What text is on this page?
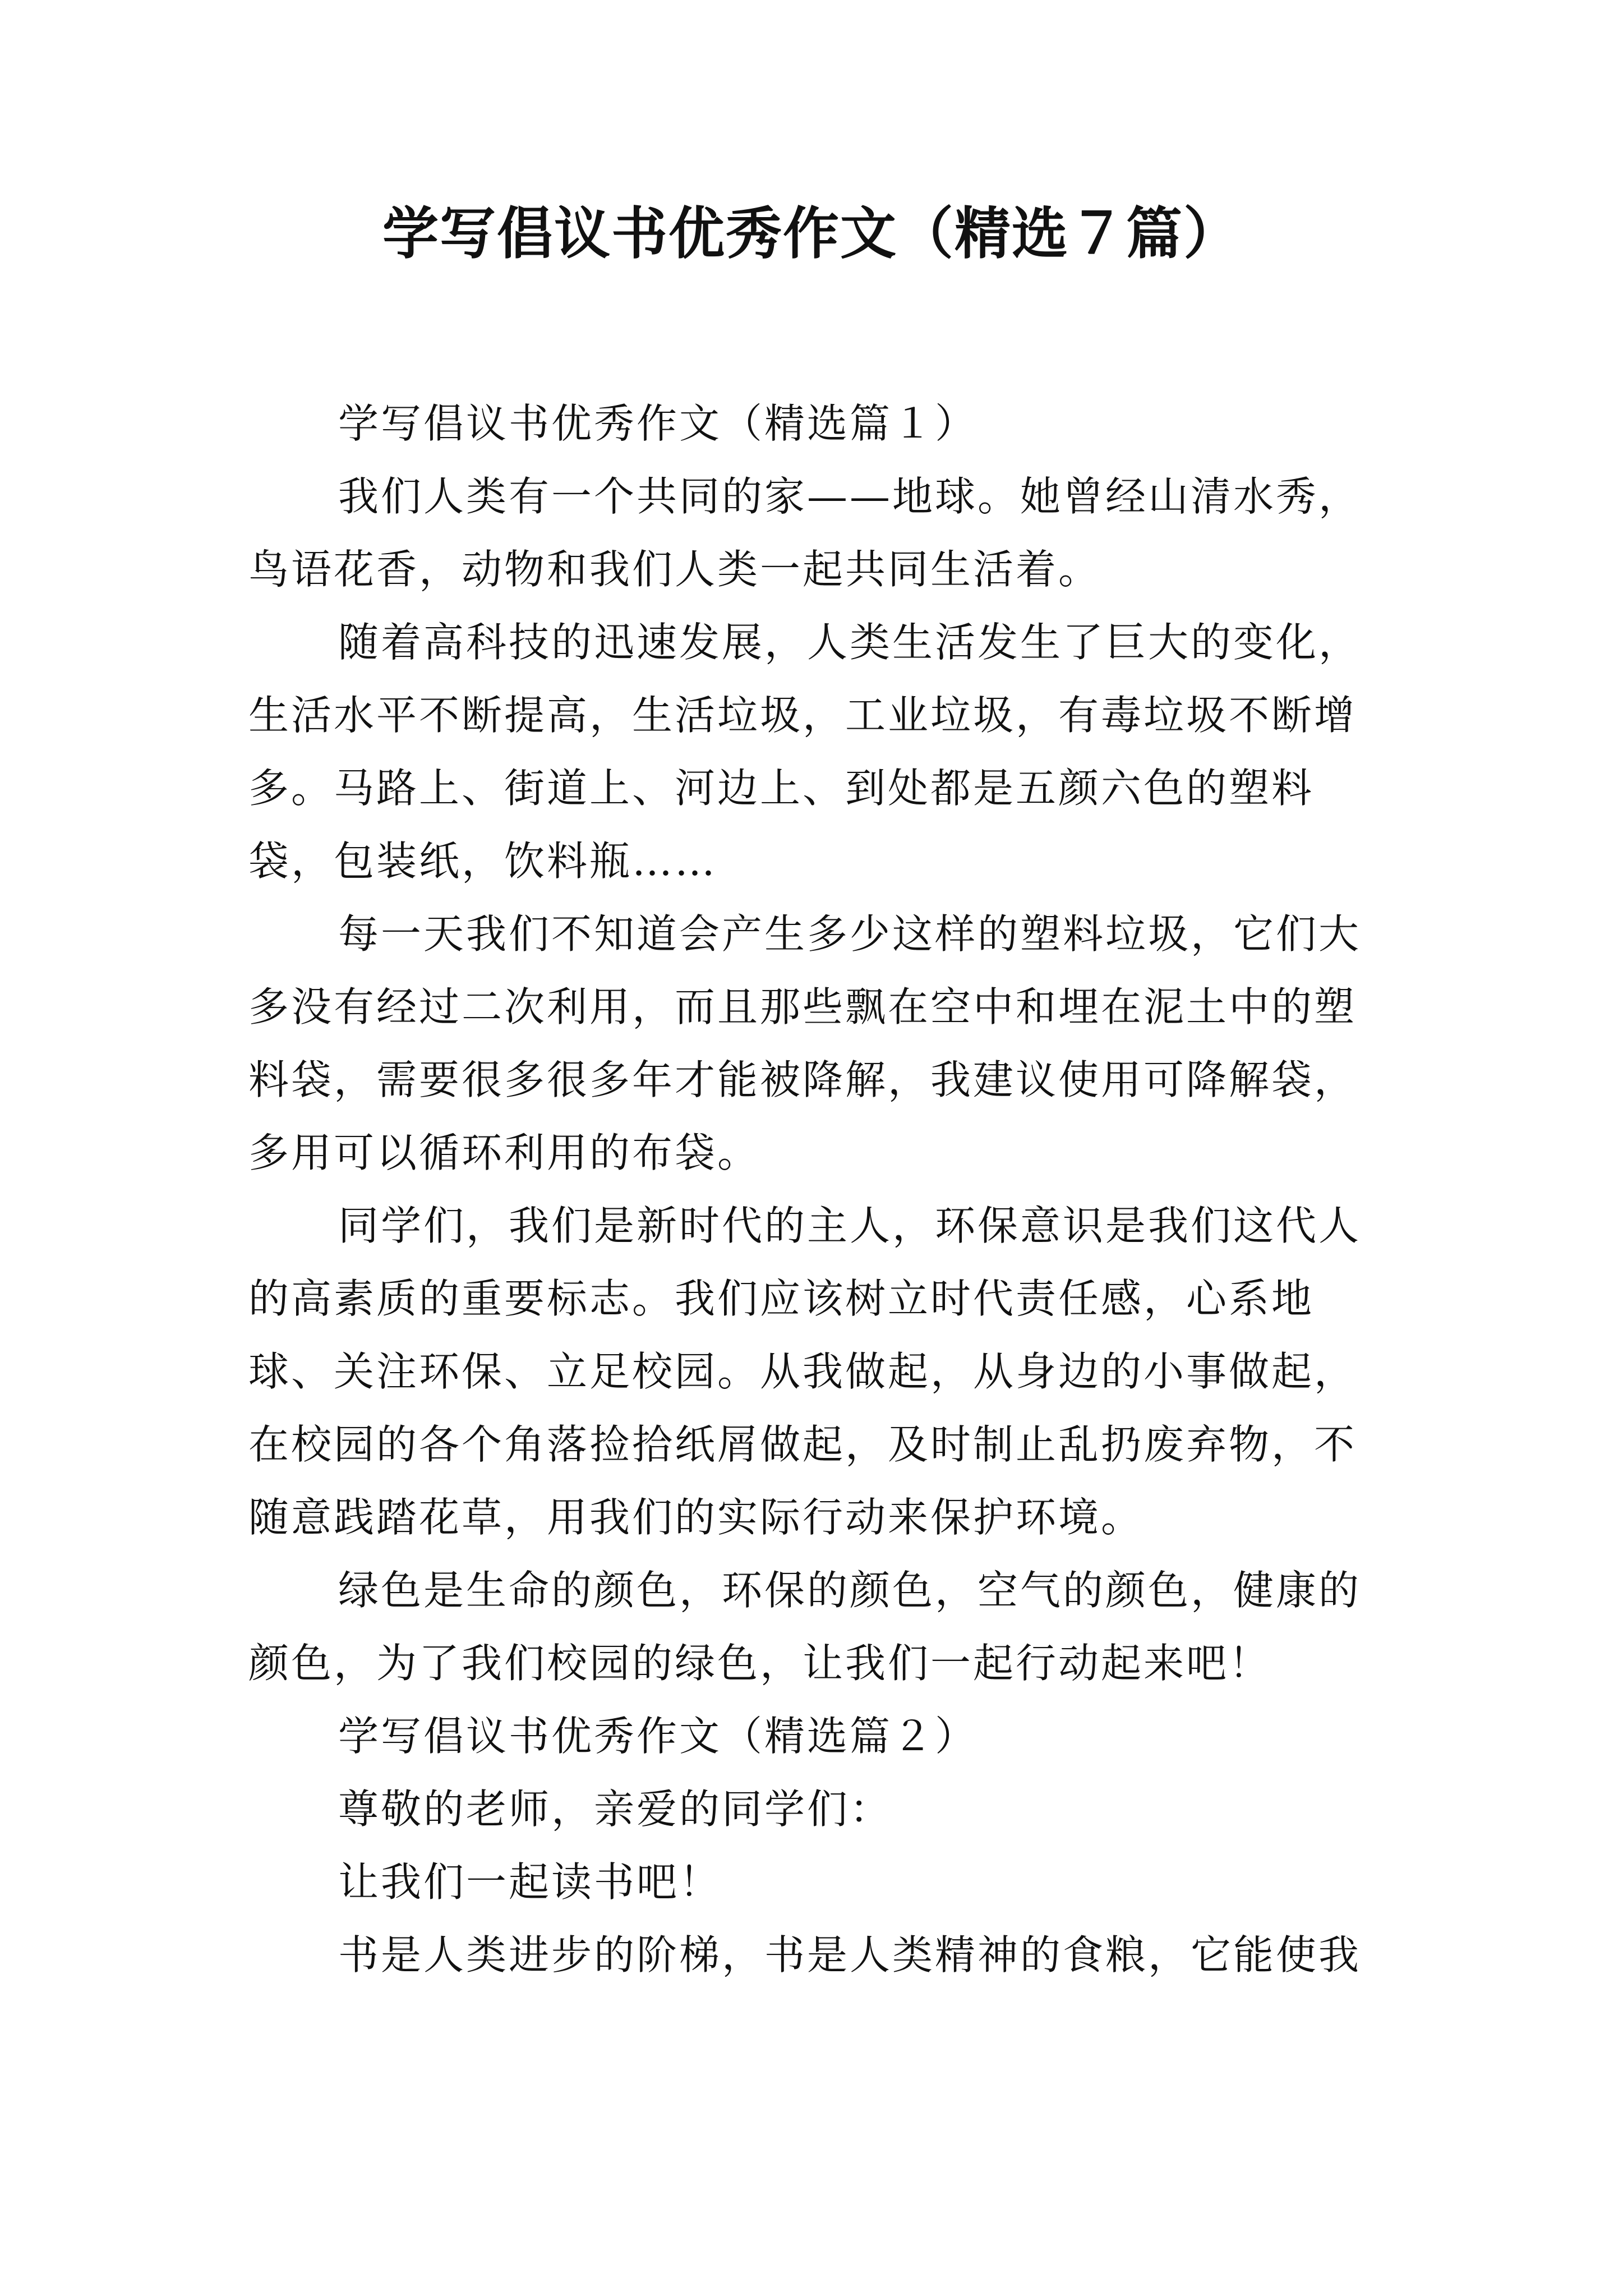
学写倡议书优秀作文（精选７篇）

学写倡议书优秀作文（精选篇１）

我们人类有一个共同的家——地球。她曾经山清水秀，鸟语花香，动物和我们人类一起共同生活着。

随着高科技的迅速发展，人类生活发生了巨大的变化，生活水平不断提高，生活垃圾，工业垃圾，有毒垃圾不断增多。马路上、街道上、河边上、到处都是五颜六色的塑料袋，包装纸，饮料瓶……

每一天我们不知道会产生多少这样的塑料垃圾，它们大多没有经过二次利用，而且那些飘在空中和埋在泥土中的塑料袋，需要很多很多年才能被降解，我建议使用可降解袋，多用可以循环利用的布袋。

同学们，我们是新时代的主人，环保意识是我们这代人的高素质的重要标志。我们应该树立时代责任感，心系地球、关注环保、立足校园。从我做起，从身边的小事做起，在校园的各个角落捡拾纸屑做起，及时制止乱扔废弃物，不随意践踏花草，用我们的实际行动来保护环境。

绿色是生命的颜色，环保的颜色，空气的颜色，健康的颜色，为了我们校园的绿色，让我们一起行动起来吧！

学写倡议书优秀作文（精选篇２）

尊敬的老师，亲爱的同学们：

让我们一起读书吧！

书是人类进步的阶梯，书是人类精神的食粮，它能使我
